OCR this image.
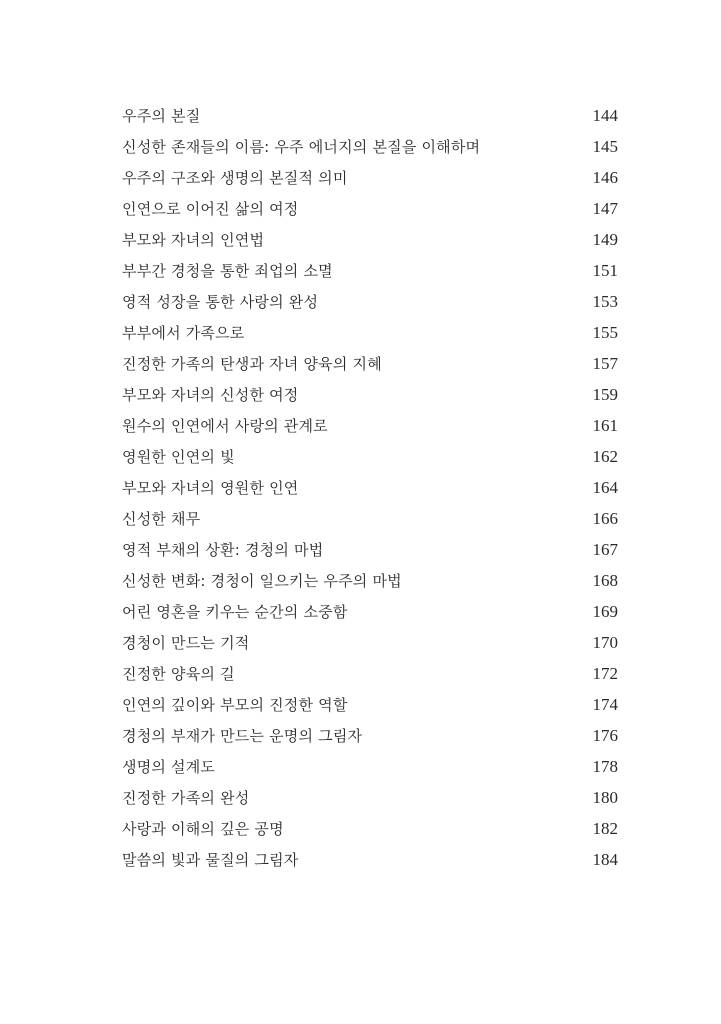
우주의 본질	144
신성한 존재들의 이름: 우주 에너지의 본질을 이해하며	145
우주의 구조와 생명의 본질적 의미	146
인연으로 이어진 삶의 여정	147
부모와 자녀의 인연법	149
부부간 경청을 통한 죄업의 소멸	151
영적 성장을 통한 사랑의 완성	153
부부에서 가족으로	155
진정한 가족의 탄생과 자녀 양육의 지혜	157
부모와 자녀의 신성한 여정	159
원수의 인연에서 사랑의 관계로	161
영원한 인연의 빛	162
부모와 자녀의 영원한 인연	164
신성한 채무	166
영적 부채의 상환: 경청의 마법	167
신성한 변화: 경청이 일으키는 우주의 마법	168
어린 영혼을 키우는 순간의 소중함	169
경청이 만드는 기적	170
진정한 양육의 길	172
인연의 깊이와 부모의 진정한 역할	174
경청의 부재가 만드는 운명의 그림자	176
생명의 설계도	178
진정한 가족의 완성	180
사랑과 이해의 깊은 공명	182
말씀의 빛과 물질의 그림자	184
